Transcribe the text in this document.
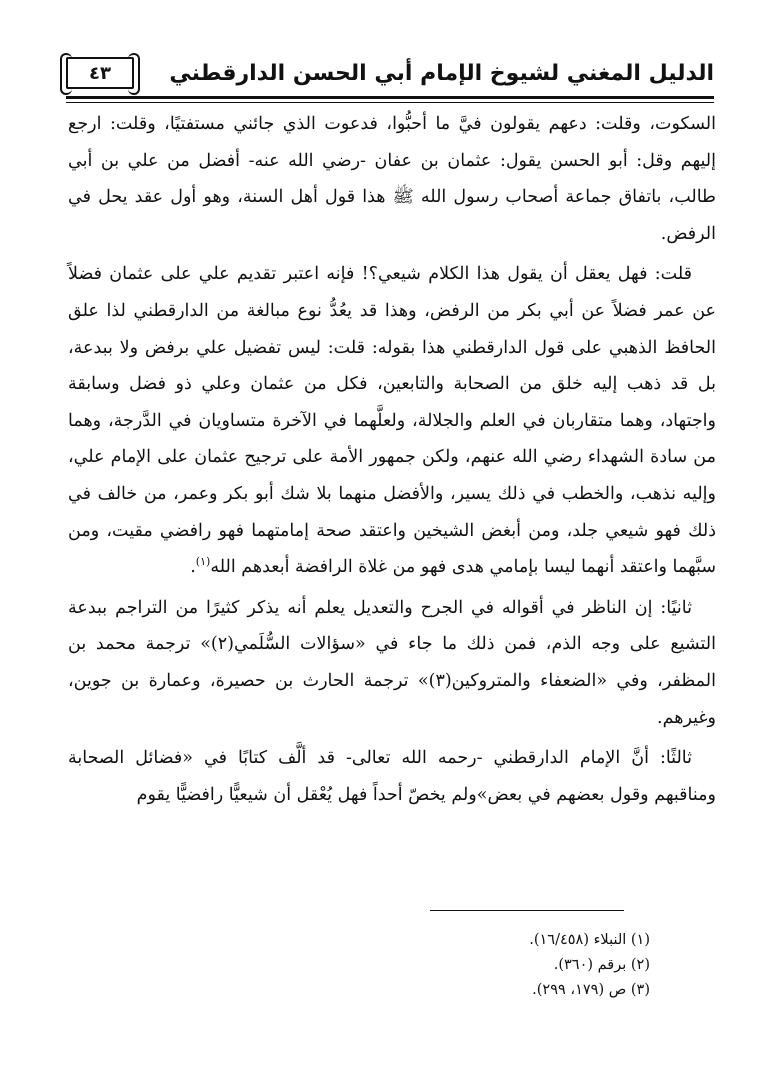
الدليل المغني لشيوخ الإمام أبي الحسن الدارقطني
٤٣

السكوت، وقلت: دعهم يقولون فيَّ ما أحبُّوا، فدعوت الذي جائني مستفتيًا، وقلت: ارجع إليهم وقل: أبو الحسن يقول: عثمان بن عفان -رضي الله عنه- أفضل من علي بن أبي طالب، باتفاق جماعة أصحاب رسول الله ﷺ هذا قول أهل السنة، وهو أول عقد يحل في الرفض.

قلت: فهل يعقل أن يقول هذا الكلام شيعي؟! فإنه اعتبر تقديم علي على عثمان فضلاً عن عمر فضلاً عن أبي بكر من الرفض، وهذا قد يعُدُّ نوع مبالغة من الدارقطني لذا علق الحافظ الذهبي على قول الدارقطني هذا بقوله: قلت: ليس تفضيل علي برفض ولا ببدعة، بل قد ذهب إليه خلق من الصحابة والتابعين، فكل من عثمان وعلي ذو فضل وسابقة واجتهاد، وهما متقاربان في العلم والجلالة، ولعلَّهما في الآخرة متساويان في الدَّرجة، وهما من سادة الشهداء رضي الله عنهم، ولكن جمهور الأمة على ترجيح عثمان على الإمام علي، وإليه نذهب، والخطب في ذلك يسير، والأفضل منهما بلا شك أبو بكر وعمر، من خالف في ذلك فهو شيعي جلد، ومن أبغض الشيخين واعتقد صحة إمامتهما فهو رافضي مقيت، ومن سبَّهما واعتقد أنهما ليسا بإمامي هدى فهو من غلاة الرافضة أبعدهم الله$^{(١)}$.

ثانيًا: إن الناظر في أقواله في الجرح والتعديل يعلم أنه يذكر كثيرًا من التراجم ببدعة التشيع على وجه الذم، فمن ذلك ما جاء في «سؤالات السُّلَمي(٢)» ترجمة محمد بن المظفر، وفي «الضعفاء والمتروكين(٣)» ترجمة الحارث بن حصيرة، وعمارة بن جوين، وغيرهم.

ثالثًا: أنَّ الإمام الدارقطني -رحمه الله تعالى- قد ألَّف كتابًا في «فضائل الصحابة ومناقبهم وقول بعضهم في بعض»ولم يخصّ أحداً فهل يُعْقل أن شيعيًّا رافضيًّا يقوم

(١) النبلاء (١٦/٤٥٨).

(٢) برقم (٣٦٠).

(٣) ص (١٧٩، ٢٩٩).
